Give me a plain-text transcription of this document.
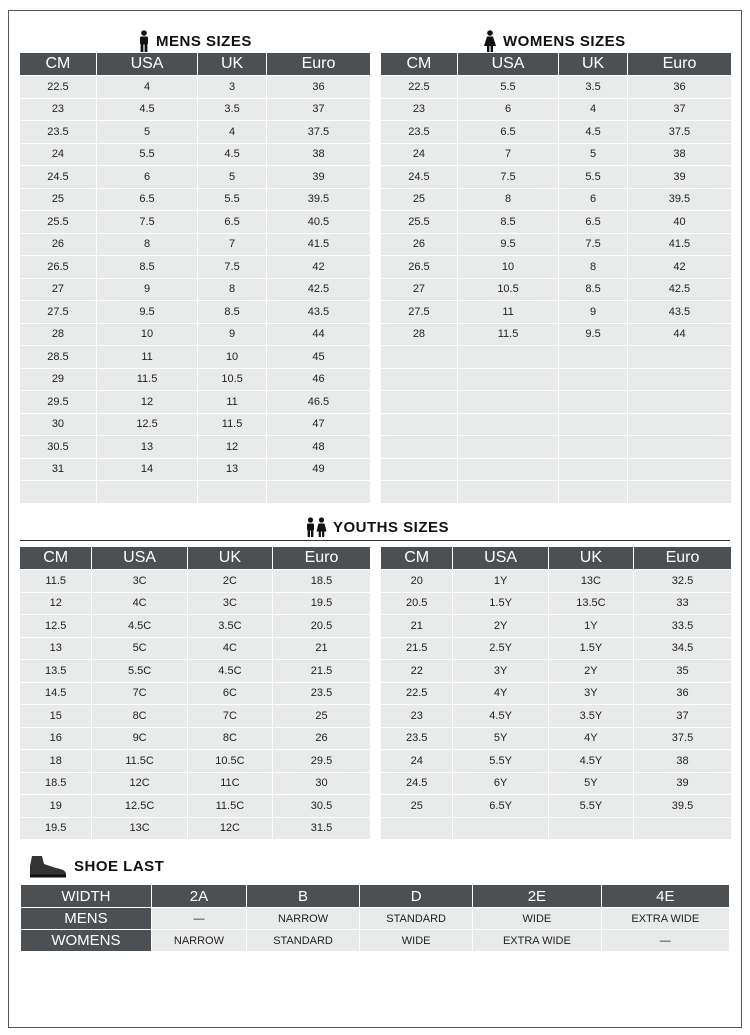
MENS SIZES	WOMENS SIZES
CM	USA	UK	Euro
22.5	4	3	36
23	4.5	3.5	37
23.5	5	4	37.5
24	5.5	4.5	38
24.5	6	5	39
25	6.5	5.5	39.5
25.5	7.5	6.5	40.5
26	8	7	41.5
26.5	8.5	7.5	42
27	9	8	42.5
27.5	9.5	8.5	43.5
28	10	9	44
28.5	11	10	45
29	11.5	10.5	46
29.5	12	11	46.5
30	12.5	11.5	47
30.5	13	12	48
31	14	13	49

CM	USA	UK	Euro
22.5	5.5	3.5	36
23	6	4	37
23.5	6.5	4.5	37.5
24	7	5	38
24.5	7.5	5.5	39
25	8	6	39.5
25.5	8.5	6.5	40
26	9.5	7.5	41.5
26.5	10	8	42
27	10.5	8.5	42.5
27.5	11	9	43.5
28	11.5	9.5	44

YOUTHS SIZES
CM	USA	UK	Euro
11.5	3C	2C	18.5
12	4C	3C	19.5
12.5	4.5C	3.5C	20.5
13	5C	4C	21
13.5	5.5C	4.5C	21.5
14.5	7C	6C	23.5
15	8C	7C	25
16	9C	8C	26
18	11.5C	10.5C	29.5
18.5	12C	11C	30
19	12.5C	11.5C	30.5
19.5	13C	12C	31.5
CM	USA	UK	Euro
20	1Y	13C	32.5
20.5	1.5Y	13.5C	33
21	2Y	1Y	33.5
21.5	2.5Y	1.5Y	34.5
22	3Y	2Y	35
22.5	4Y	3Y	36
23	4.5Y	3.5Y	37
23.5	5Y	4Y	37.5
24	5.5Y	4.5Y	38
24.5	6Y	5Y	39
25	6.5Y	5.5Y	39.5

SHOE LAST
WIDTH	2A	B	D	2E	4E
MENS	—	NARROW	STANDARD	WIDE	EXTRA WIDE
WOMENS	NARROW	STANDARD	WIDE	EXTRA WIDE	—
